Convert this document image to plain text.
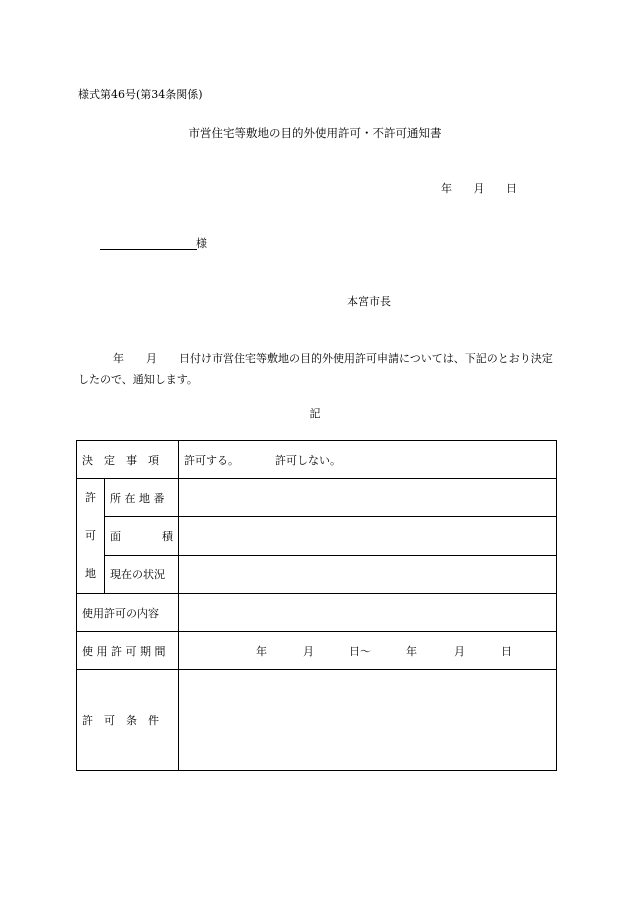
様式第46号(第34条関係)
市営住宅等敷地の目的外使用許可・不許可通知書
年 月 日
様
本宮市長
年　　月　　日付け市営住宅等敷地の目的外使用許可申請については、下記のとおり決定したので、通知します。
記
決　定　事　項		許可する。 許可しない。

許
可
地	所 在 地 番	

	面 積	

	現在の状況	
使用許可の内容		
使 用 許 可 期 間		年 月 日～ 年 月 日
許　可　条　件		
